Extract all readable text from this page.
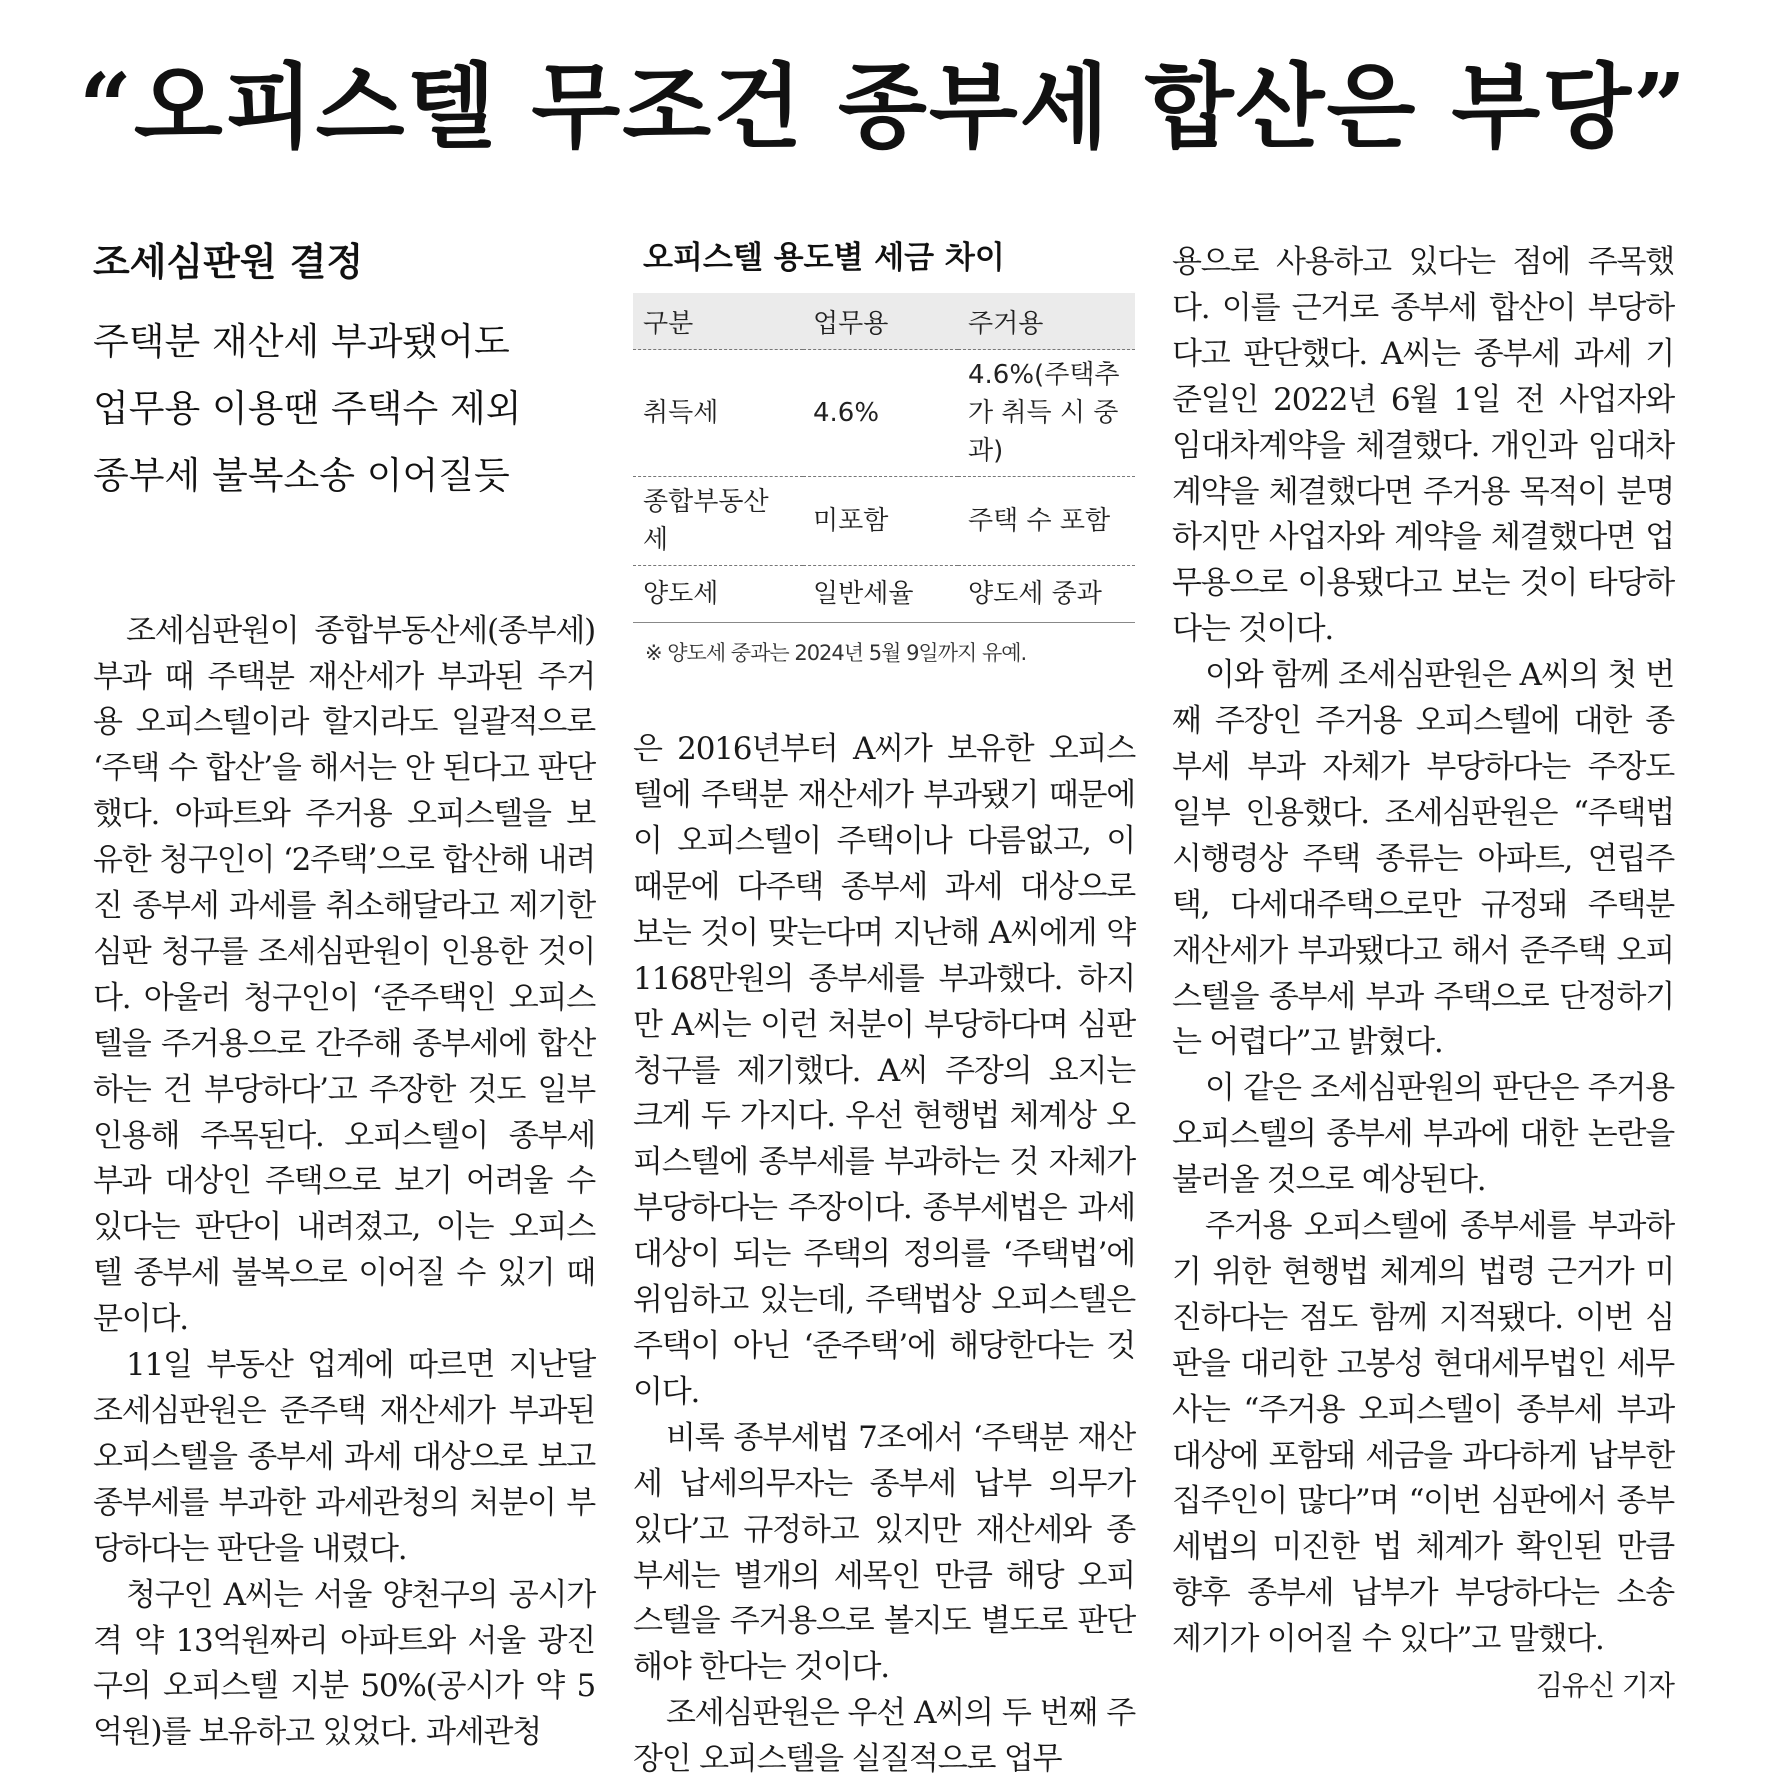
“오피스텔 무조건 종부세 합산은 부당”
조세심판원 결정

주택분 재산세 부과됐어도

업무용 이용땐 주택수 제외

종부세 불복소송 이어질듯

조세심판원이 종합부동산세(종부세) 부과 때 주택분 재산세가 부과된 주거용 오피스텔이라 할지라도 일괄적으로 ‘주택 수 합산’을 해서는 안 된다고 판단했다. 아파트와 주거용 오피스텔을 보유한 청구인이 ‘2주택’으로 합산해 내려진 종부세 과세를 취소해달라고 제기한 심판 청구를 조세심판원이 인용한 것이다. 아울러 청구인이 ‘준주택인 오피스텔을 주거용으로 간주해 종부세에 합산하는 건 부당하다’고 주장한 것도 일부 인용해 주목된다. 오피스텔이 종부세 부과 대상인 주택으로 보기 어려울 수 있다는 판단이 내려졌고, 이는 오피스텔 종부세 불복으로 이어질 수 있기 때문이다.

11일 부동산 업계에 따르면 지난달 조세심판원은 준주택 재산세가 부과된 오피스텔을 종부세 과세 대상으로 보고 종부세를 부과한 과세관청의 처분이 부당하다는 판단을 내렸다.

청구인 A씨는 서울 양천구의 공시가격 약 13억원짜리 아파트와 서울 광진구의 오피스텔 지분 50%(공시가 약 5억원)를 보유하고 있었다. 과세관청

오피스텔 용도별 세금 차이
구분	업무용	주거용
취득세	4.6%	4.6%(주택추가 취득 시 중과)
종합부동산세	미포함	주택 수 포함
양도세	일반세율	양도세 중과
※ 양도세 중과는 2024년 5월 9일까지 유예.

은 2016년부터 A씨가 보유한 오피스텔에 주택분 재산세가 부과됐기 때문에 이 오피스텔이 주택이나 다름없고, 이 때문에 다주택 종부세 과세 대상으로 보는 것이 맞는다며 지난해 A씨에게 약 1168만원의 종부세를 부과했다. 하지만 A씨는 이런 처분이 부당하다며 심판 청구를 제기했다. A씨 주장의 요지는 크게 두 가지다. 우선 현행법 체계상 오피스텔에 종부세를 부과하는 것 자체가 부당하다는 주장이다. 종부세법은 과세 대상이 되는 주택의 정의를 ‘주택법’에 위임하고 있는데, 주택법상 오피스텔은 주택이 아닌 ‘준주택’에 해당한다는 것이다.

비록 종부세법 7조에서 ‘주택분 재산세 납세의무자는 종부세 납부 의무가 있다’고 규정하고 있지만 재산세와 종부세는 별개의 세목인 만큼 해당 오피스텔을 주거용으로 볼지도 별도로 판단해야 한다는 것이다.

조세심판원은 우선 A씨의 두 번째 주장인 오피스텔을 실질적으로 업무

용으로 사용하고 있다는 점에 주목했다. 이를 근거로 종부세 합산이 부당하다고 판단했다. A씨는 종부세 과세 기준일인 2022년 6월 1일 전 사업자와 임대차계약을 체결했다. 개인과 임대차계약을 체결했다면 주거용 목적이 분명하지만 사업자와 계약을 체결했다면 업무용으로 이용됐다고 보는 것이 타당하다는 것이다.

이와 함께 조세심판원은 A씨의 첫 번째 주장인 주거용 오피스텔에 대한 종부세 부과 자체가 부당하다는 주장도 일부 인용했다. 조세심판원은 “주택법 시행령상 주택 종류는 아파트, 연립주택, 다세대주택으로만 규정돼 주택분 재산세가 부과됐다고 해서 준주택 오피스텔을 종부세 부과 주택으로 단정하기는 어렵다”고 밝혔다.

이 같은 조세심판원의 판단은 주거용 오피스텔의 종부세 부과에 대한 논란을 불러올 것으로 예상된다.

주거용 오피스텔에 종부세를 부과하기 위한 현행법 체계의 법령 근거가 미진하다는 점도 함께 지적됐다. 이번 심판을 대리한 고봉성 현대세무법인 세무사는 “주거용 오피스텔이 종부세 부과 대상에 포함돼 세금을 과다하게 납부한 집주인이 많다”며 “이번 심판에서 종부세법의 미진한 법 체계가 확인된 만큼 향후 종부세 납부가 부당하다는 소송 제기가 이어질 수 있다”고 말했다.

김유신 기자
